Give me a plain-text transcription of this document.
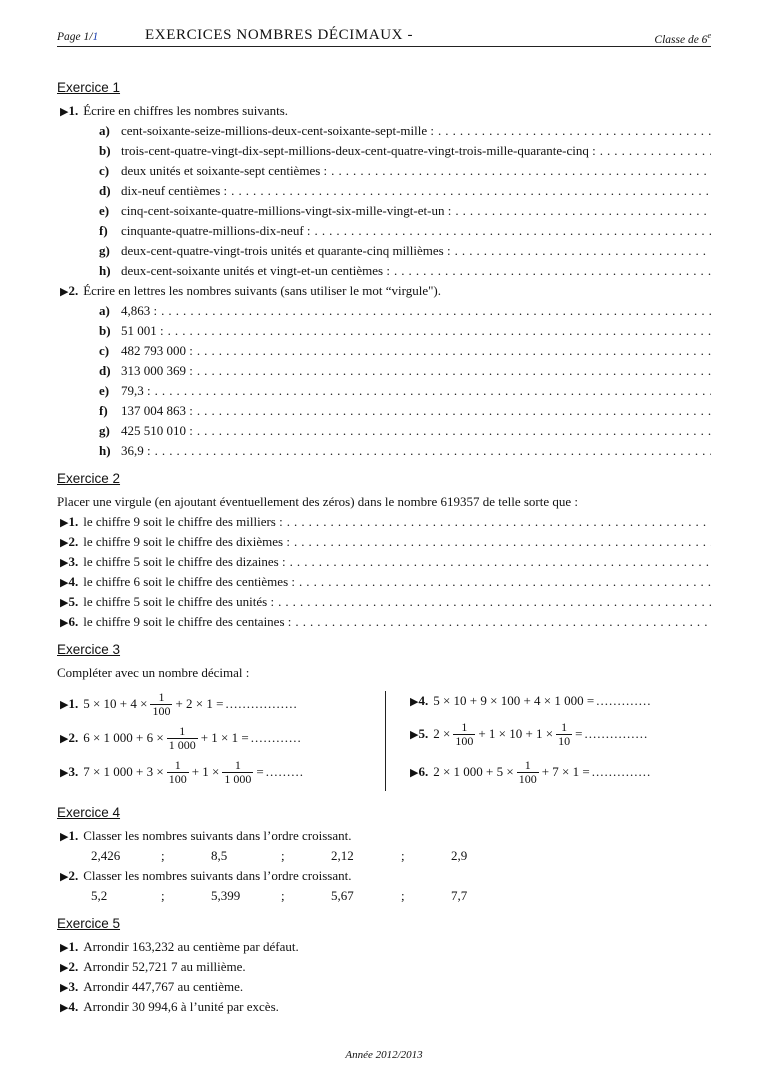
Page 1/1	EXERCICES NOMBRES DÉCIMAUX -	Classe de 6e
Exercice 1
▶1. Écrire en chiffres les nombres suivants.
a) cent-soixante-seize-millions-deux-cent-soixante-sept-mille :
. . .
b) trois-cent-quatre-vingt-dix-sept-millions-deux-cent-quatre-vingt-trois-mille-quarante-cinq :
. . .
c) deux unités et soixante-sept centièmes :
. . .
d) dix-neuf centièmes :
. . .
e) cinq-cent-soixante-quatre-millions-vingt-six-mille-vingt-et-un :
. . .
f)	cinquante-quatre-millions-dix-neuf :
. . .
g) deux-cent-quatre-vingt-trois unités et quarante-cinq millièmes :
. . .
h) deux-cent-soixante unités et vingt-et-un centièmes :
. . .
▶2. Écrire en lettres les nombres suivants (sans utiliser le mot “virgule").
a) 4,863 :
. . .
b) 51 001 :
. . .
c) 482 793 000 :
. . .
d) 313 000 369 :
. . .
e) 79,3 :
. . .
f)	137 004 863 :
. . .
g) 425 510 010 :
. . .
h) 36,9 :
. . .
Exercice 2
Placer une virgule (en ajoutant éventuellement des zéros) dans le nombre 619357 de telle sorte que :
▶1. le chiffre 9 soit le chiffre des milliers :
. . .
▶2. le chiffre 9 soit le chiffre des dixièmes :
. . .
▶3. le chiffre 5 soit le chiffre des dizaines :
. . .
▶4. le chiffre 6 soit le chiffre des centièmes :
. . .
▶5. le chiffre 5 soit le chiffre des unités :
. . .
▶6. le chiffre 9 soit le chiffre des centaines :
. . .
Exercice 3
Compléter avec un nombre décimal :
▶1. $5 \times 10 + 4 \times \frac{1}{100} + 2 \times 1$ = .................
▶2. 6 × 1 $000 + 6 \times \frac{1}{1 000} + 1 \times 1$ = ............
▶3. 7 × 1 $000 + 3 \times \frac{1}{100} + 1 \times \frac{1}{1 000}$ = .........
▶4. 5 × 10 + 9 × 100 + 4 × 1 000 = .............
▶5. $2 \times \frac{1}{100} + 1 \times 10 + 1 \times \frac{1}{10}$ = ...............
▶6. 2 × 1 $000 + 5 \times \frac{1}{100} + 7 \times 1$ = ..............
Exercice 4
▶1. Classer les nombres suivants dans l’ordre croissant.
2,426	;	8,5	;	2,12	;	2,9
▶2. Classer les nombres suivants dans l’ordre croissant.
5,2	;	5,399	;	5,67	;	7,7
Exercice 5
▶1. Arrondir 163,232 au centième par défaut.
▶2. Arrondir 52,721 7 au millième.
▶3. Arrondir 447,767 au centième.
▶4. Arrondir 30 994,6 à l’unité par excès.
Année 2012/2013
